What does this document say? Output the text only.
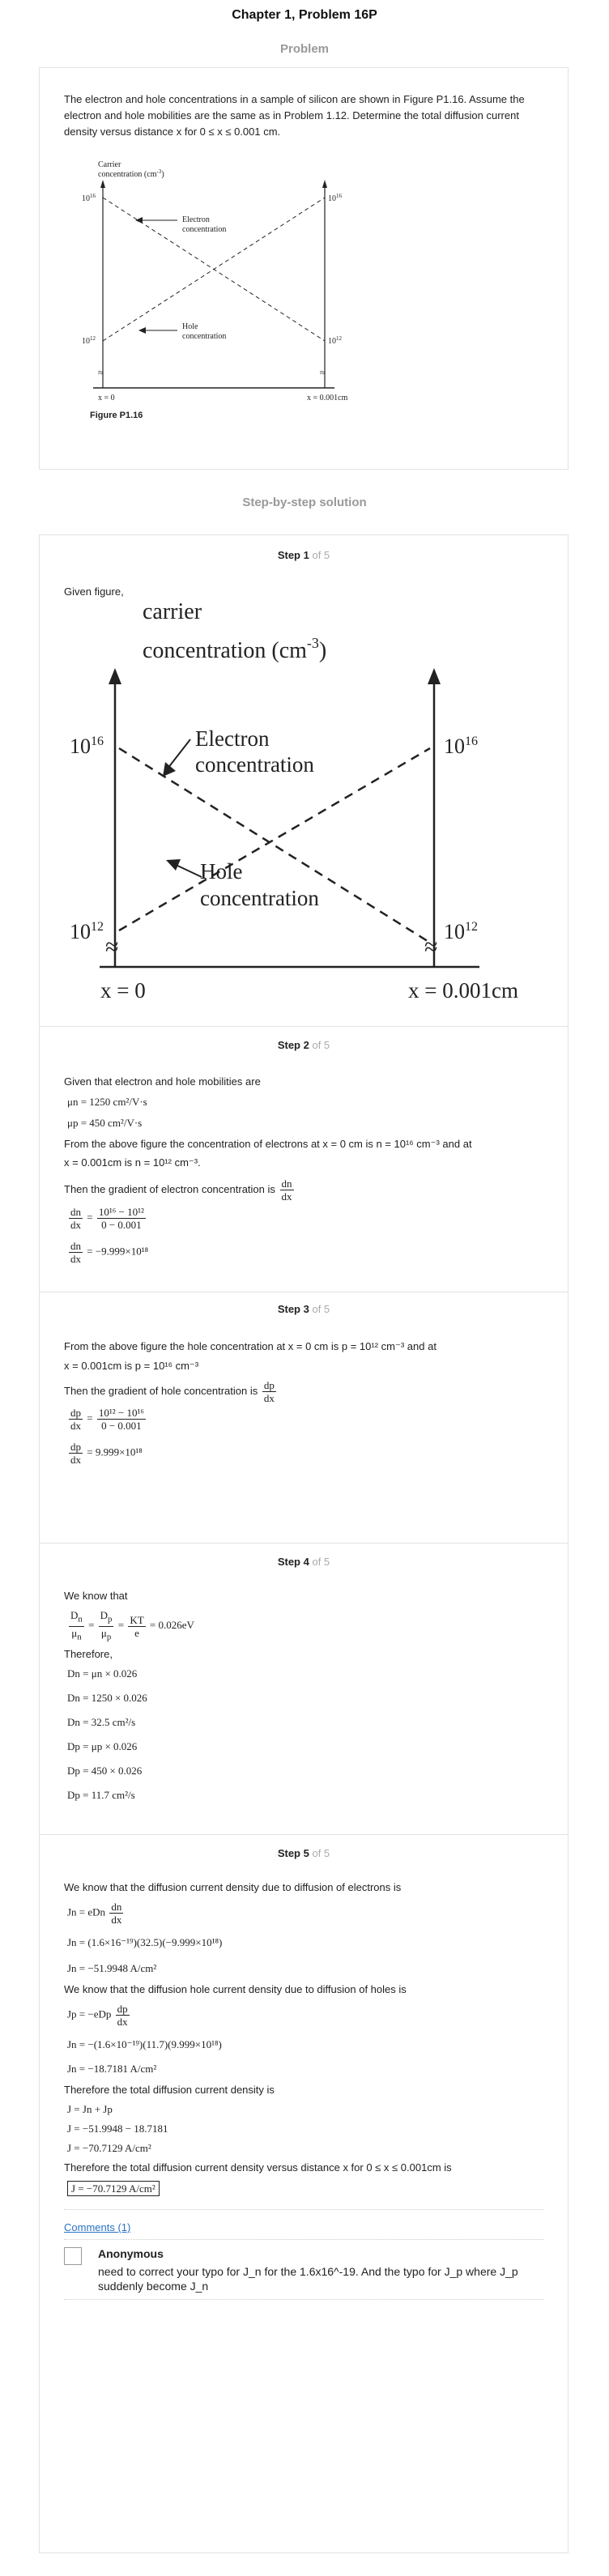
Chapter 1, Problem 16P
Problem
The electron and hole concentrations in a sample of silicon are shown in Figure P1.16. Assume the electron and hole mobilities are the same as in Problem 1.12. Determine the total diffusion current density versus distance x for 0 ≤ x ≤ 0.001 cm.
Carrier
concentration $(cm^{-3})$
$10^{16}$
$10^{12}$
$10^{16}$
$10^{12}$
Electron
concentration
Hole
concentration
≈	≈
x = 0	x = 0.001cm
Figure P1.16
Step-by-step solution
Step 1 of 5
Given figure,
carrier
concentration $(cm^{-3})$
$10^{16}$
$10^{12}$
$10^{16}$
$10^{12}$
Electron
concentration
Hole
concentration
≈	≈
x = 0	x = 0.001cm
Step 2 of 5
Given that electron and hole mobilities are
μn = 1250 cm²/V·s
μp = 450 cm²/V·s
From the above figure the concentration of electrons at x = 0 cm is n = 10¹⁶ cm⁻³ and at
x = 0.001cm is n = 10¹² cm⁻³.
Then the gradient of electron concentration is $\frac{dn}{dx}$
$\frac{dn}{dx} = \frac{\text{10¹⁶ − 10¹²}}{0 - 0.001}$
$\frac{dn}{dx} = -9.999\times 10^{18}$
Step 3 of 5
From the above figure the hole concentration at x = 0 cm is p = 10¹² cm⁻³ and at
x = 0.001cm is p = 10¹⁶ cm⁻³
Then the gradient of hole concentration is $\frac{dp}{dx}$
$\frac{dp}{dx} = \frac{\text{10¹² − 10¹⁶}}{0 - 0.001}$
$\frac{dp}{dx} = 9.999\times 10^{18}$
Step 4 of 5
We know that
$\frac{D_n}{\mu_n} = \frac{D_p}{\mu_p} = \frac{KT}{e} = 0.026eV$
Therefore,
Dn = μn × 0.026
Dn = 1250 × 0.026
Dn = 32.5 cm²/s
Dp = μp × 0.026
Dp = 450 × 0.026
Dp = 11.7 cm²/s
Step 5 of 5
We know that the diffusion current density due to diffusion of electrons is
Jn = eDn $\frac{dn}{dx}$
Jn = (1.6×16⁻¹⁹)(32.5)(−9.999×10¹⁸)
Jn = −51.9948 A/cm²
We know that the diffusion hole current density due to diffusion of holes is
$Jp = -eDp \frac{dp}{dx}$
Jn = −(1.6×10⁻¹⁹)(11.7)(9.999×10¹⁸)
Jn = −18.7181 A/cm²
Therefore the total diffusion current density is
J = Jn + Jp
J = −51.9948 − 18.7181
J = −70.7129 A/cm²
Therefore the total diffusion current density versus distance x for 0 ≤ x ≤ 0.001cm is
J = −70.7129 A/cm²
Comments (1)
Anonymous
need to correct your typo for J_n for the 1.6x16^-19. And the typo for J_p where J_p suddenly become J_n
